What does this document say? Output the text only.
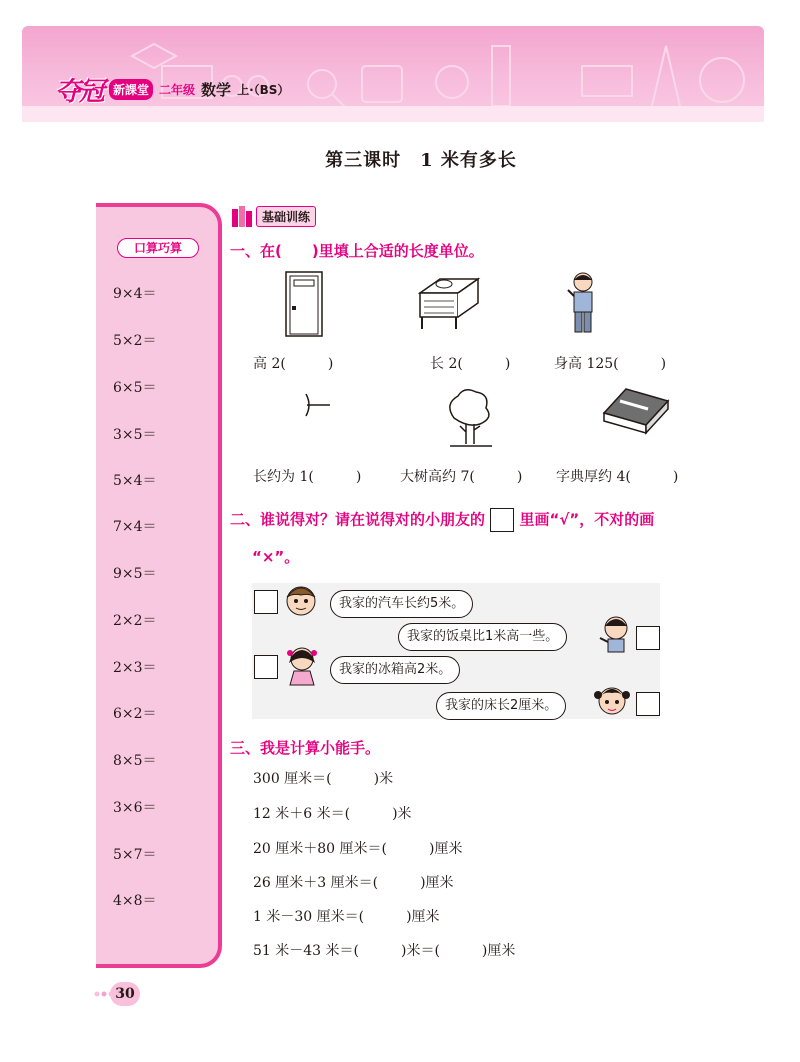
夺冠 新課堂 二年级 数学 上·（BS）
第三课时　1 米有多长
口算巧算
9×4＝
5×2＝
6×5＝
3×5＝
5×4＝
7×4＝
9×5＝
2×2＝
2×3＝
6×2＝
8×5＝
3×6＝
5×7＝
4×8＝
基础训练
一、在(　　)里填上合适的长度单位。
高 2(　　　)	长 2(　　　)	身高 125(　　　)
长约为 1(　　　)	大树高约 7(　　　) 字典厚约 4(　　　)
二、谁说得对？请在说得对的小朋友的 里画“√”，不对的画
“×”。
我家的汽车长约5米。
我家的饭桌比1米高一些。
我家的冰箱高2米。
我家的床长2厘米。
三、我是计算小能手。
300 厘米＝(　　　)米
12 米＋6 米＝(　　　)米
20 厘米＋80 厘米＝(　　　)厘米
26 厘米＋3 厘米＝(　　　)厘米
1 米－30 厘米＝(　　　)厘米
51 米－43 米＝(　　　)米＝(　　　)厘米
30
